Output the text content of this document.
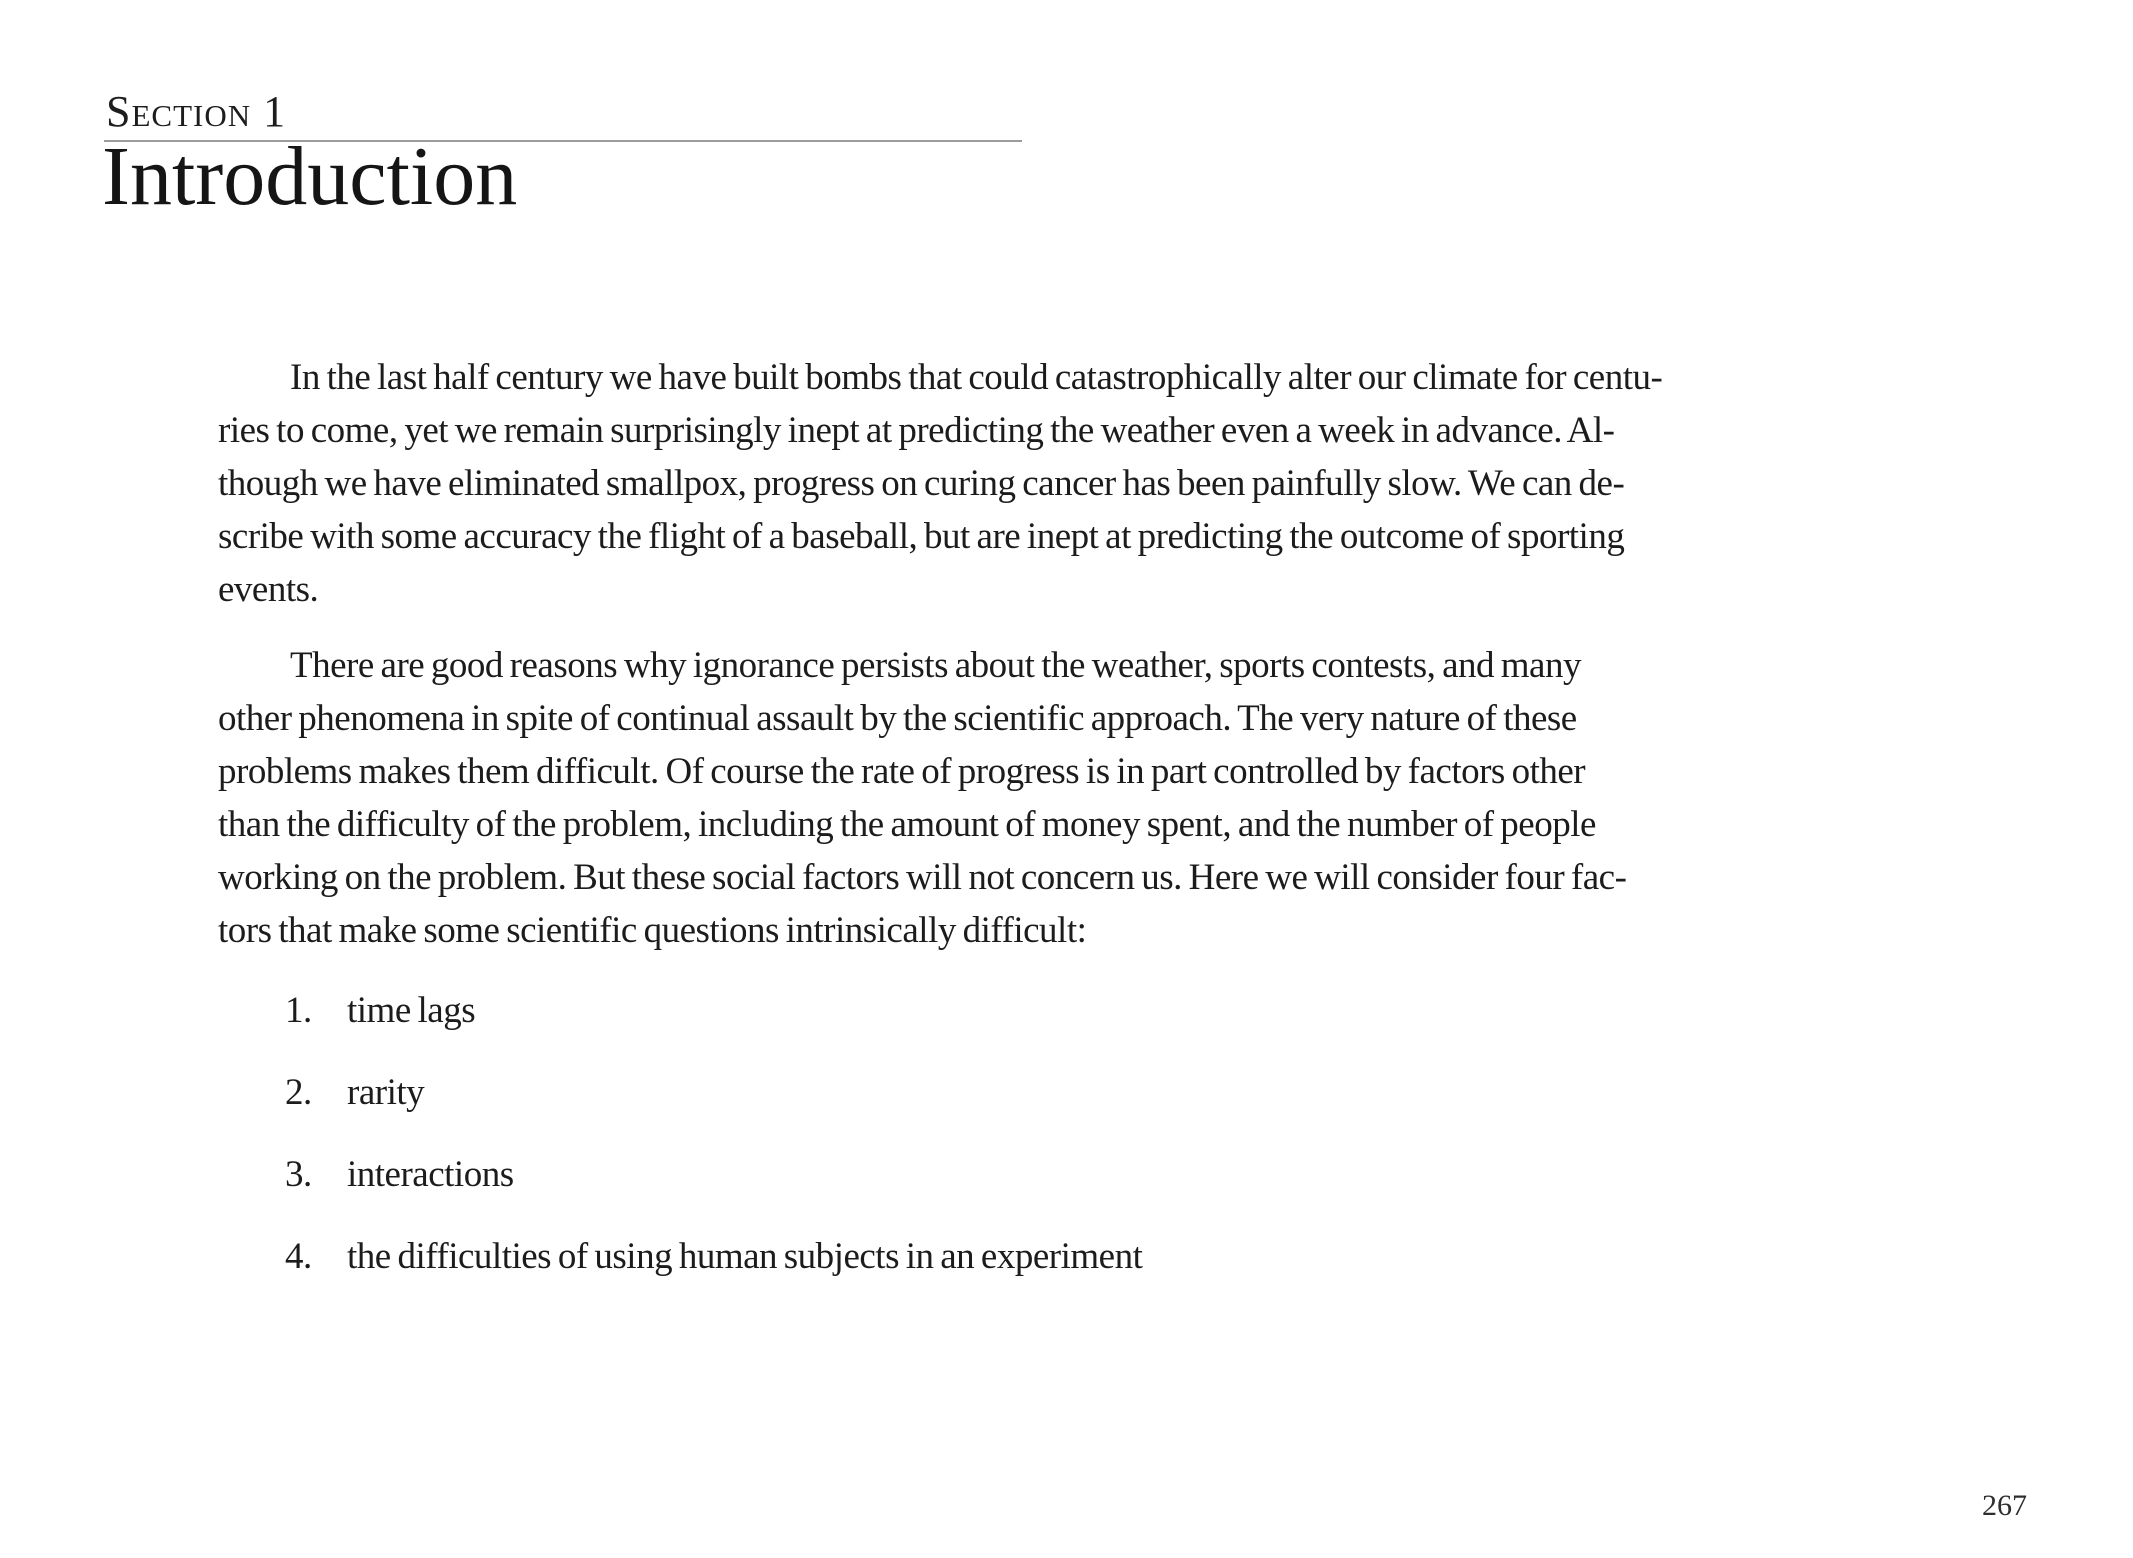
Section 1
Introduction

In the last half century we have built bombs that could catastrophically alter our climate for centu-
ries to come, yet we remain surprisingly inept at predicting the weather even a week in advance. Al-
though we have eliminated smallpox, progress on curing cancer has been painfully slow. We can de-
scribe with some accuracy the flight of a baseball, but are inept at predicting the outcome of sporting
events.

There are good reasons why ignorance persists about the weather, sports contests, and many
other phenomena in spite of continual assault by the scientific approach. The very nature of these
problems makes them difficult. Of course the rate of progress is in part controlled by factors other
than the difficulty of the problem, including the amount of money spent, and the number of people
working on the problem. But these social factors will not concern us. Here we will consider four fac-
tors that make some scientific questions intrinsically difficult:

1. time lags
2. rarity
3. interactions
4. the difficulties of using human subjects in an experiment
267
